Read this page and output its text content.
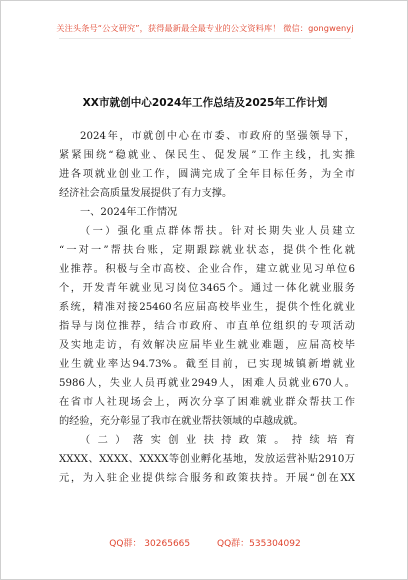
关注头条号“公文研究”，获得最新最全最专业的公文资料库！ 微信：gongwenyj
XX市就创中心2024年工作总结及2025年工作计划
2024年，市就创中心在市委、市政府的坚强领导下，
紧紧围绕“稳就业、保民生、促发展”工作主线，扎实推
进各项就业创业工作，圆满完成了全年目标任务，为全市
经济社会高质量发展提供了有力支撑。
一、2024年工作情况
（一）强化重点群体帮扶。针对长期失业人员建立
“一对一”帮扶台账，定期跟踪就业状态，提供个性化就
业推荐。积极与全市高校、企业合作，建立就业见习单位6
个，开发青年就业见习岗位3465个。通过一体化就业服务
系统，精准对接25460名应届高校毕业生，提供个性化就业
指导与岗位推荐，结合市政府、市直单位组织的专项活动
及实地走访，有效解决应届毕业生就业难题，应届高校毕
业生就业率达94.73%。截至目前，已实现城镇新增就业
5986人，失业人员再就业2949人，困难人员就业670人。
在省市人社现场会上，两次分享了困难就业群众帮扶工作
的经验，充分彰显了我市在就业帮扶领域的卓越成就。
（二）落实创业扶持政策。持续培育
XXXX、XXXX、XXXX等创业孵化基地，发放运营补贴2910万
元，为入驻企业提供综合服务和政策扶持。开展“创在XX
QQ群： 30265665	QQ群：535304092
